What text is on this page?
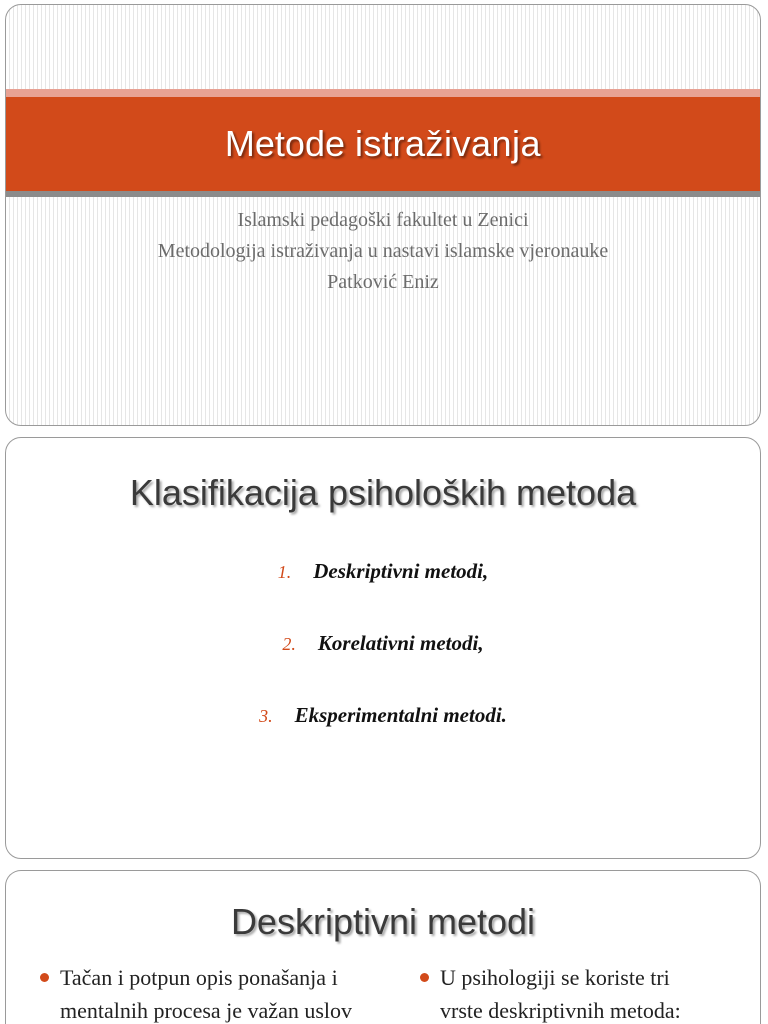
Metode istraživanja
Islamski pedagoški fakultet u Zenici
Metodologija istraživanja u nastavi islamske vjeronauke
Patković Eniz
Klasifikacija psiholoških metoda
1. Deskriptivni metodi,
2. Korelativni metodi,
3. Eksperimentalni metodi.
Deskriptivni metodi
Tačan i potpun opis ponašanja i
mentalnih procesa je važan uslov
U psihologiji se koriste tri
vrste deskriptivnih metoda:
